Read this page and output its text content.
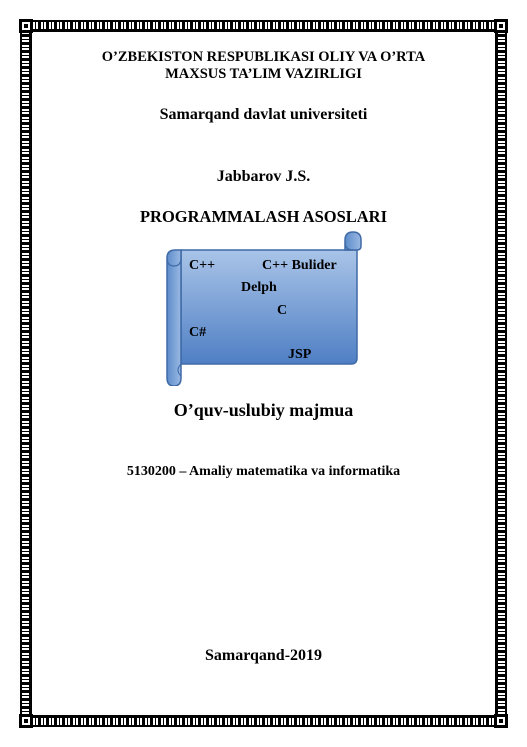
O’ZBEKISTON RESPUBLIKASI OLIY VA O’RTA
MAXSUS TA’LIM VAZIRLIGI
Samarqand davlat universiteti
Jabbarov J.S.
PROGRAMMALASH ASOSLARI
C++	C++ Bulider
Delph
C
C#
JSP
O’quv-uslubiy majmua
5130200 – Amaliy matematika va informatika
Samarqand-2019
